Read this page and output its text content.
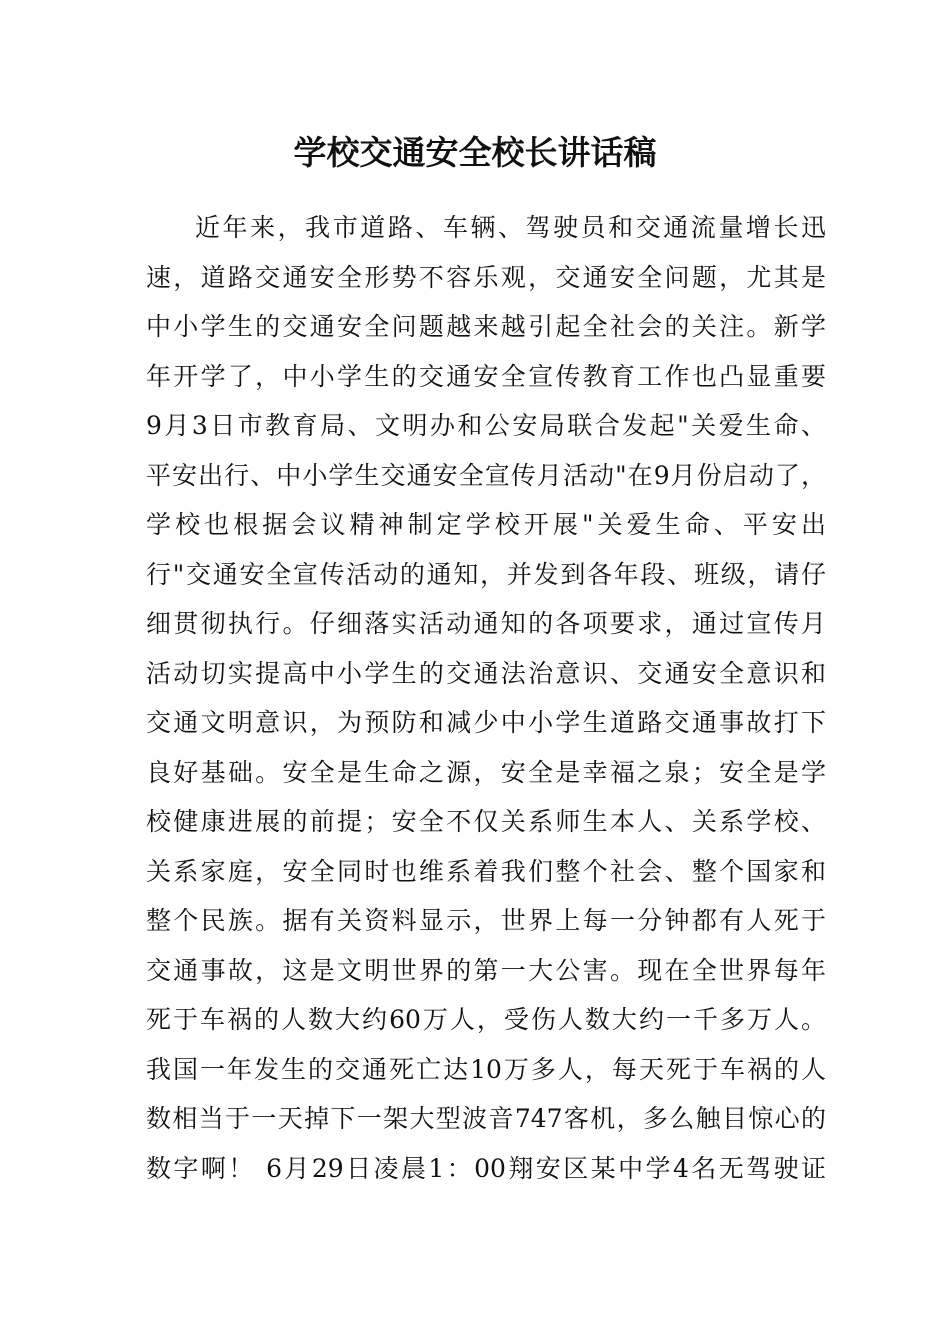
学校交通安全校长讲话稿
近年来，我市道路、车辆、驾驶员和交通流量增长迅
速，道路交通安全形势不容乐观，交通安全问题，尤其是
中小学生的交通安全问题越来越引起全社会的关注。新学
年开学了，中小学生的交通安全宣传教育工作也凸显重要
9月3日市教育局、文明办和公安局联合发起"关爱生命、
平安出行、中小学生交通安全宣传月活动"在9月份启动了，
学校也根据会议精神制定学校开展"关爱生命、平安出
行"交通安全宣传活动的通知，并发到各年段、班级，请仔
细贯彻执行。仔细落实活动通知的各项要求，通过宣传月
活动切实提高中小学生的交通法治意识、交通安全意识和
交通文明意识，为预防和减少中小学生道路交通事故打下
良好基础。安全是生命之源，安全是幸福之泉；安全是学
校健康进展的前提；安全不仅关系师生本人、关系学校、
关系家庭，安全同时也维系着我们整个社会、整个国家和
整个民族。据有关资料显示，世界上每一分钟都有人死于
交通事故，这是文明世界的第一大公害。现在全世界每年
死于车祸的人数大约60万人，受伤人数大约一千多万人。
我国一年发生的交通死亡达10万多人，每天死于车祸的人
数相当于一天掉下一架大型波音747客机，多么触目惊心的
数字啊！ 6月29日凌晨1：00翔安区某中学4名无驾驶证
